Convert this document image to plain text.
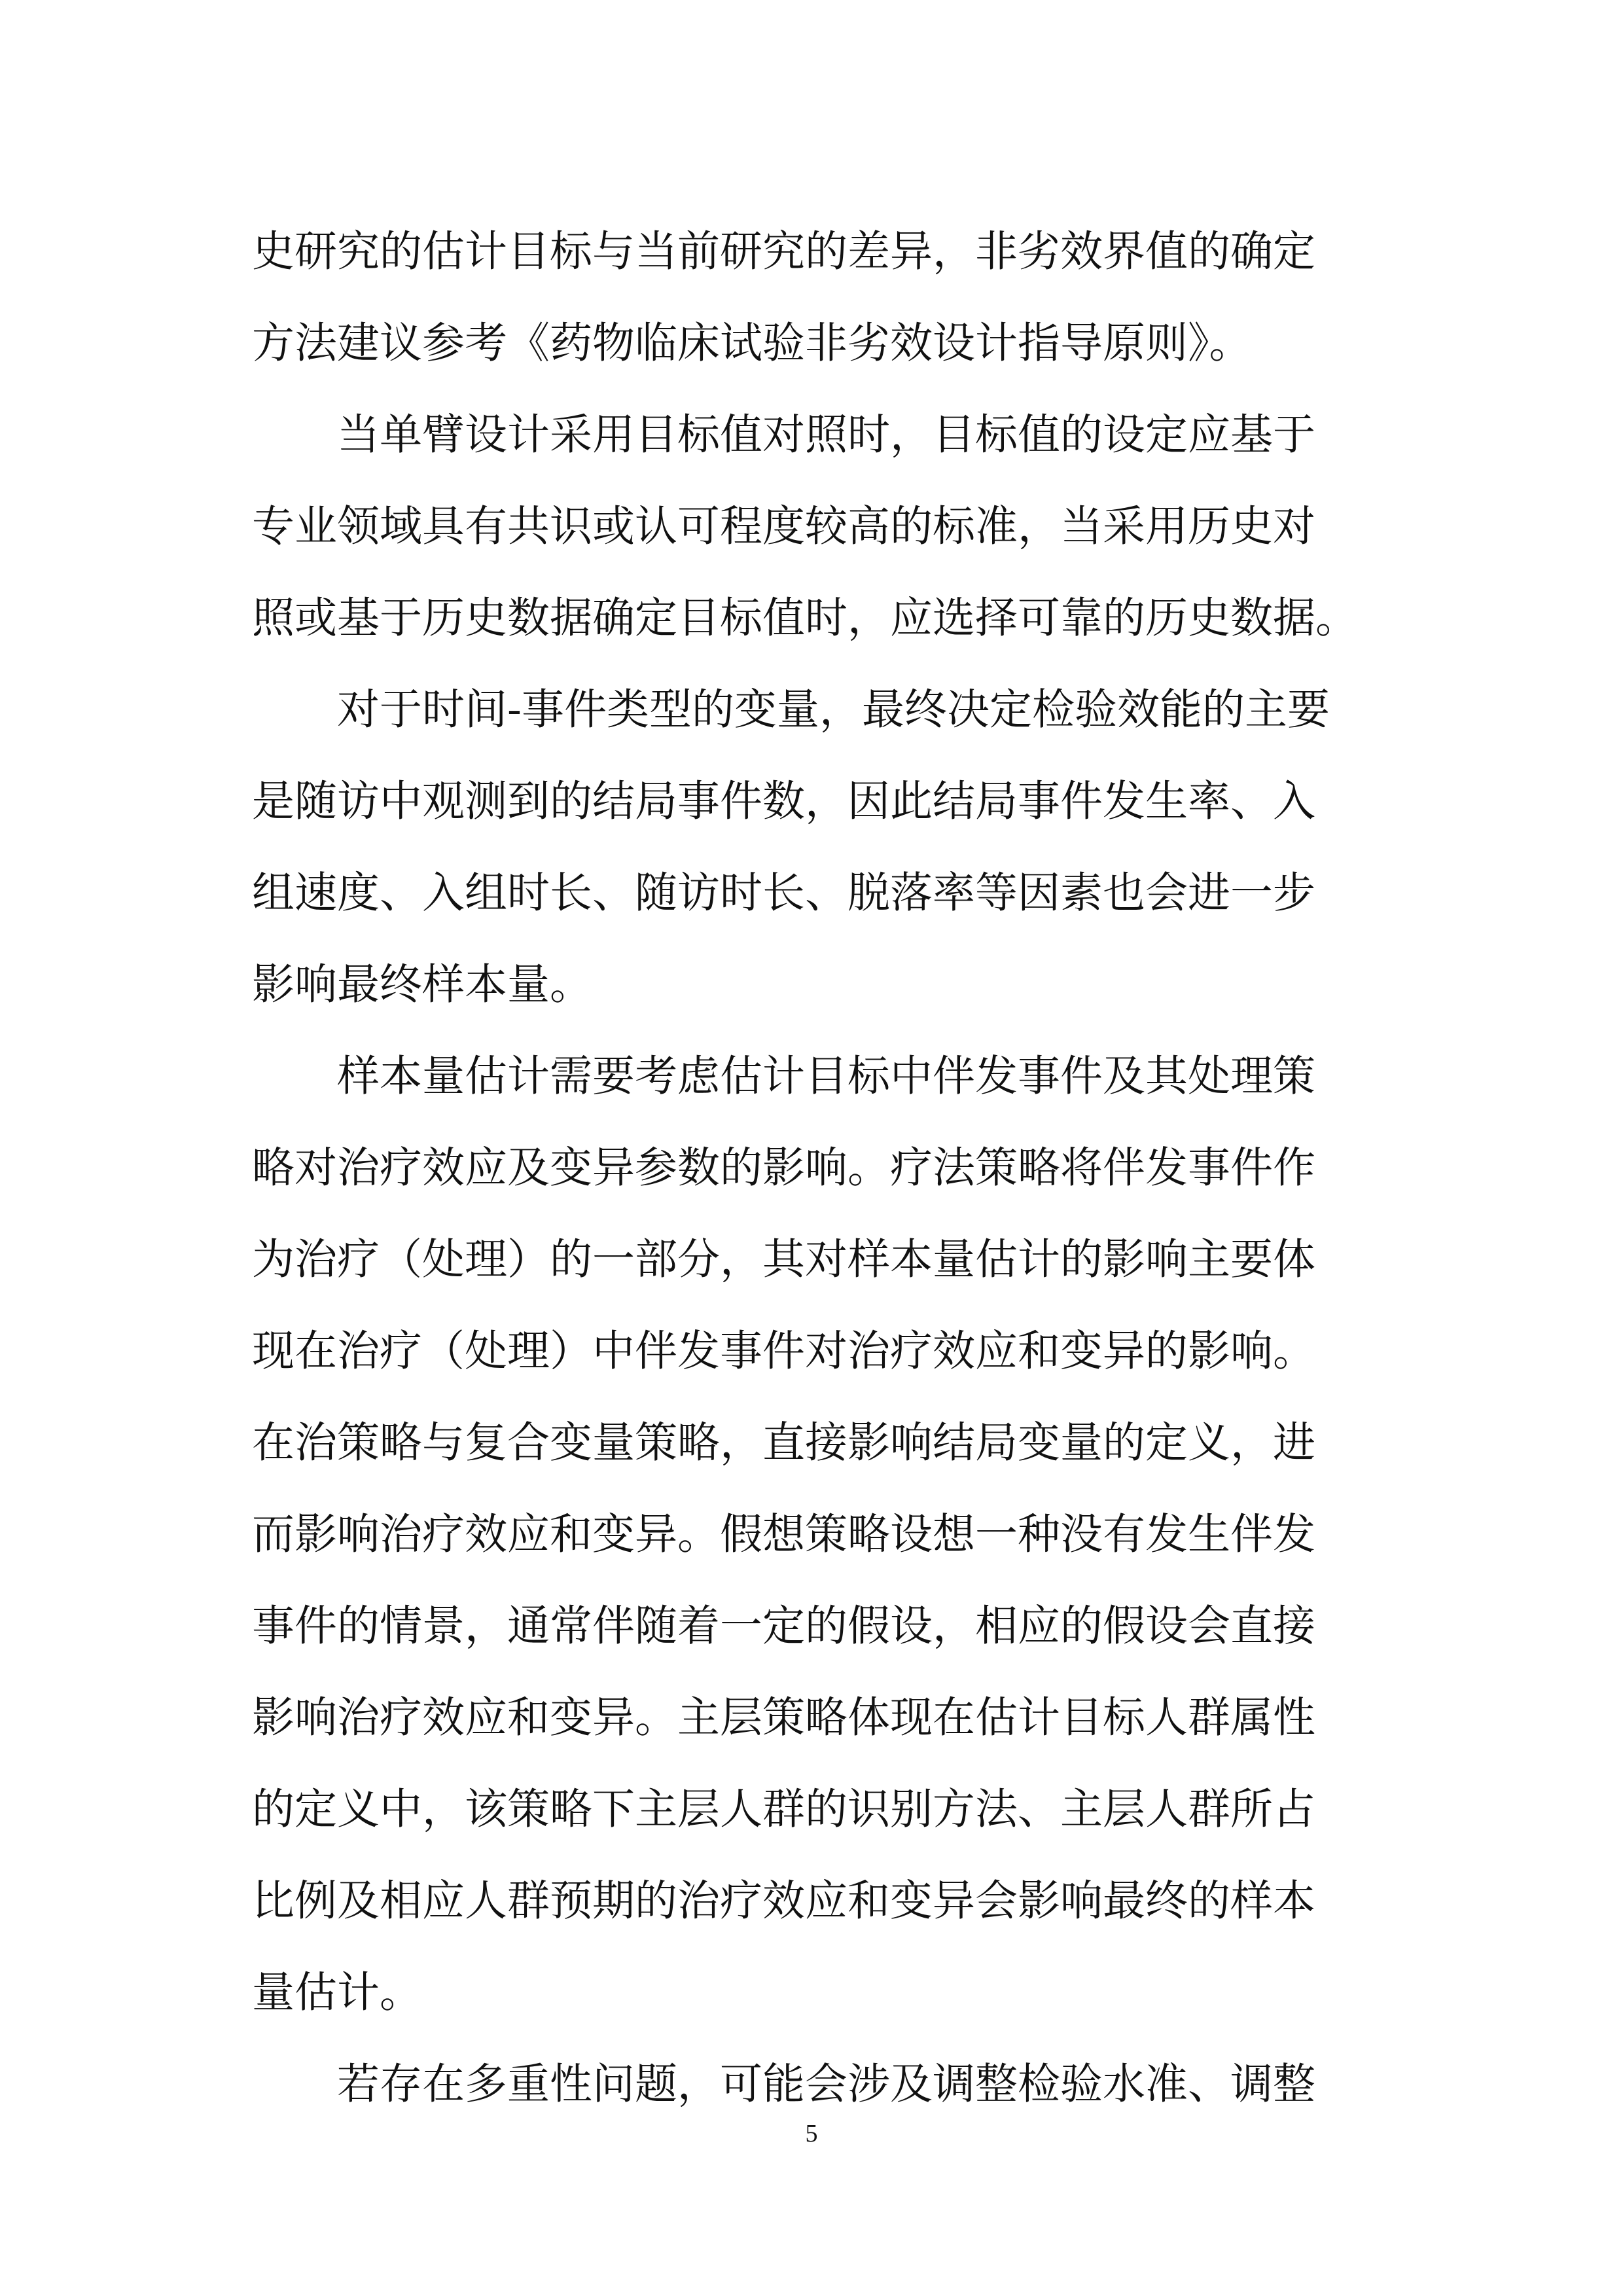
史研究的估计目标与当前研究的差异，非劣效界值的确定
方法建议参考《药物临床试验非劣效设计指导原则》。
当单臂设计采用目标值对照时，目标值的设定应基于
专业领域具有共识或认可程度较高的标准，当采用历史对
照或基于历史数据确定目标值时，应选择可靠的历史数据。
对于时间-事件类型的变量，最终决定检验效能的主要
是随访中观测到的结局事件数，因此结局事件发生率、入
组速度、入组时长、随访时长、脱落率等因素也会进一步
影响最终样本量。
样本量估计需要考虑估计目标中伴发事件及其处理策
略对治疗效应及变异参数的影响。疗法策略将伴发事件作
为治疗（处理）的一部分，其对样本量估计的影响主要体
现在治疗（处理）中伴发事件对治疗效应和变异的影响。
在治策略与复合变量策略，直接影响结局变量的定义，进
而影响治疗效应和变异。假想策略设想一种没有发生伴发
事件的情景，通常伴随着一定的假设，相应的假设会直接
影响治疗效应和变异。主层策略体现在估计目标人群属性
的定义中，该策略下主层人群的识别方法、主层人群所占
比例及相应人群预期的治疗效应和变异会影响最终的样本
量估计。
若存在多重性问题，可能会涉及调整检验水准、调整
5
